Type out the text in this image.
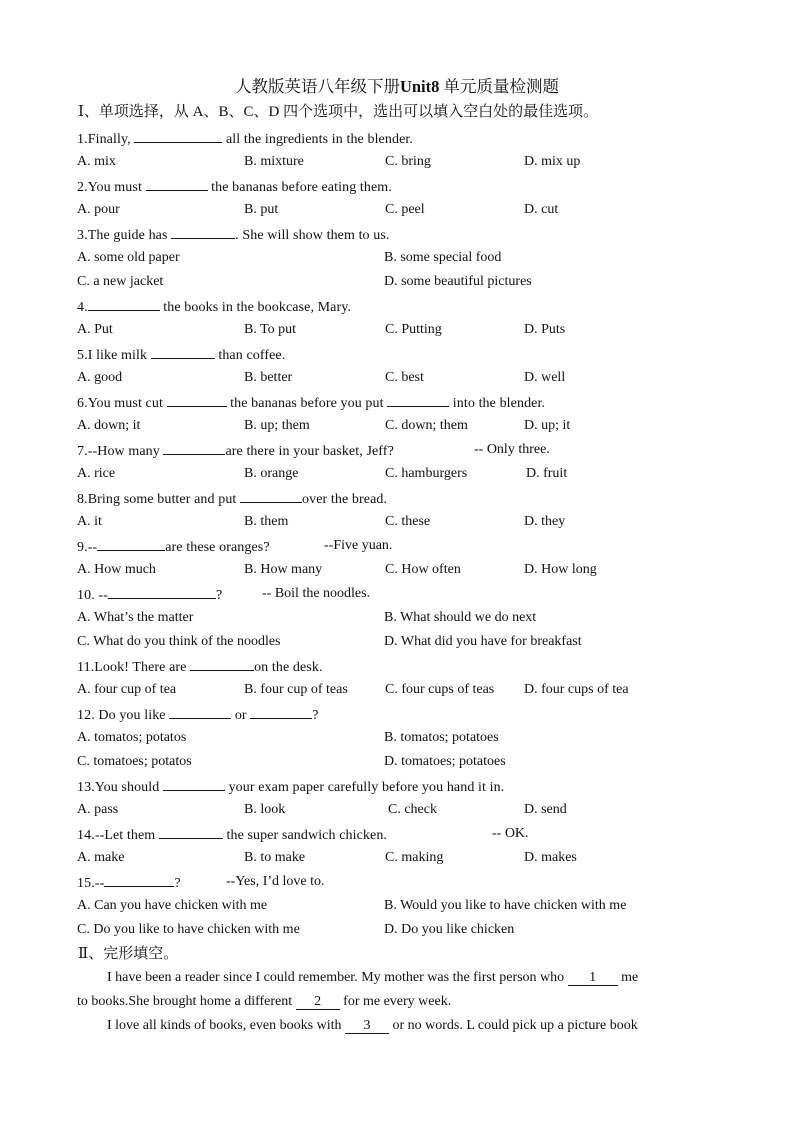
人教版英语八年级下册Unit8 单元质量检测题
Ⅰ、单项选择，从 A、B、C、D 四个选项中，选出可以填入空白处的最佳选项。
1.Finally,	all the ingredients in the blender.
A. mix	B. mixture	C. bring	D. mix up
2.You must	the bananas before eating them.
A. pour	B. put	C. peel	D. cut
3.The guide has	. She will show them to us.
A. some old paper	B. some special food
C. a new jacket	D. some beautiful pictures
4.	the books in the bookcase, Mary.
A. Put	B. To put	C. Putting	D. Puts
5.I like milk	than coffee.
A. good	B. better	C. best	D. well
6.You must cut	the bananas before you put	into the blender.
A. down; it	B. up; them	C. down; them	D. up; it
7.--How many	are there in your basket, Jeff?	-- Only three.
A. rice	B. orange	C. hamburgers	D. fruit
8.Bring some butter and put	over the bread.
A. it	B. them	C. these	D. they
9.--	are these oranges?	--Five yuan.
A. How much	B. How many	C. How often	D. How long
10. --	?	-- Boil the noodles.
A. What’s the matter	B. What should we do next
C. What do you think of the noodles	D. What did you have for breakfast
11.Look! There are	on the desk.
A. four cup of tea	B. four cup of teas	C. four cups of teas D. four cups of tea
12. Do you like	or	?
A. tomatos; potatos	B. tomatos; potatoes
C. tomatoes; potatos	D. tomatoes; potatoes
13.You should	your exam paper carefully before you hand it in.
A. pass	B. look	C. check	D. send
14.--Let them	the super sandwich chicken.	-- OK.
A. make	B. to make	C. making	D. makes
15.--	?	--Yes, I’d love to.
A. Can you have chicken with me	B. Would you like to have chicken with me
C. Do you like to have chicken with me	D. Do you like chicken
Ⅱ、完形填空。
I have been a reader since I could remember. My mother was the first person who 1 me
to books.She brought home a different 2 for me every week.
I love all kinds of books, even books with 3 or no words. L could pick up a picture book
